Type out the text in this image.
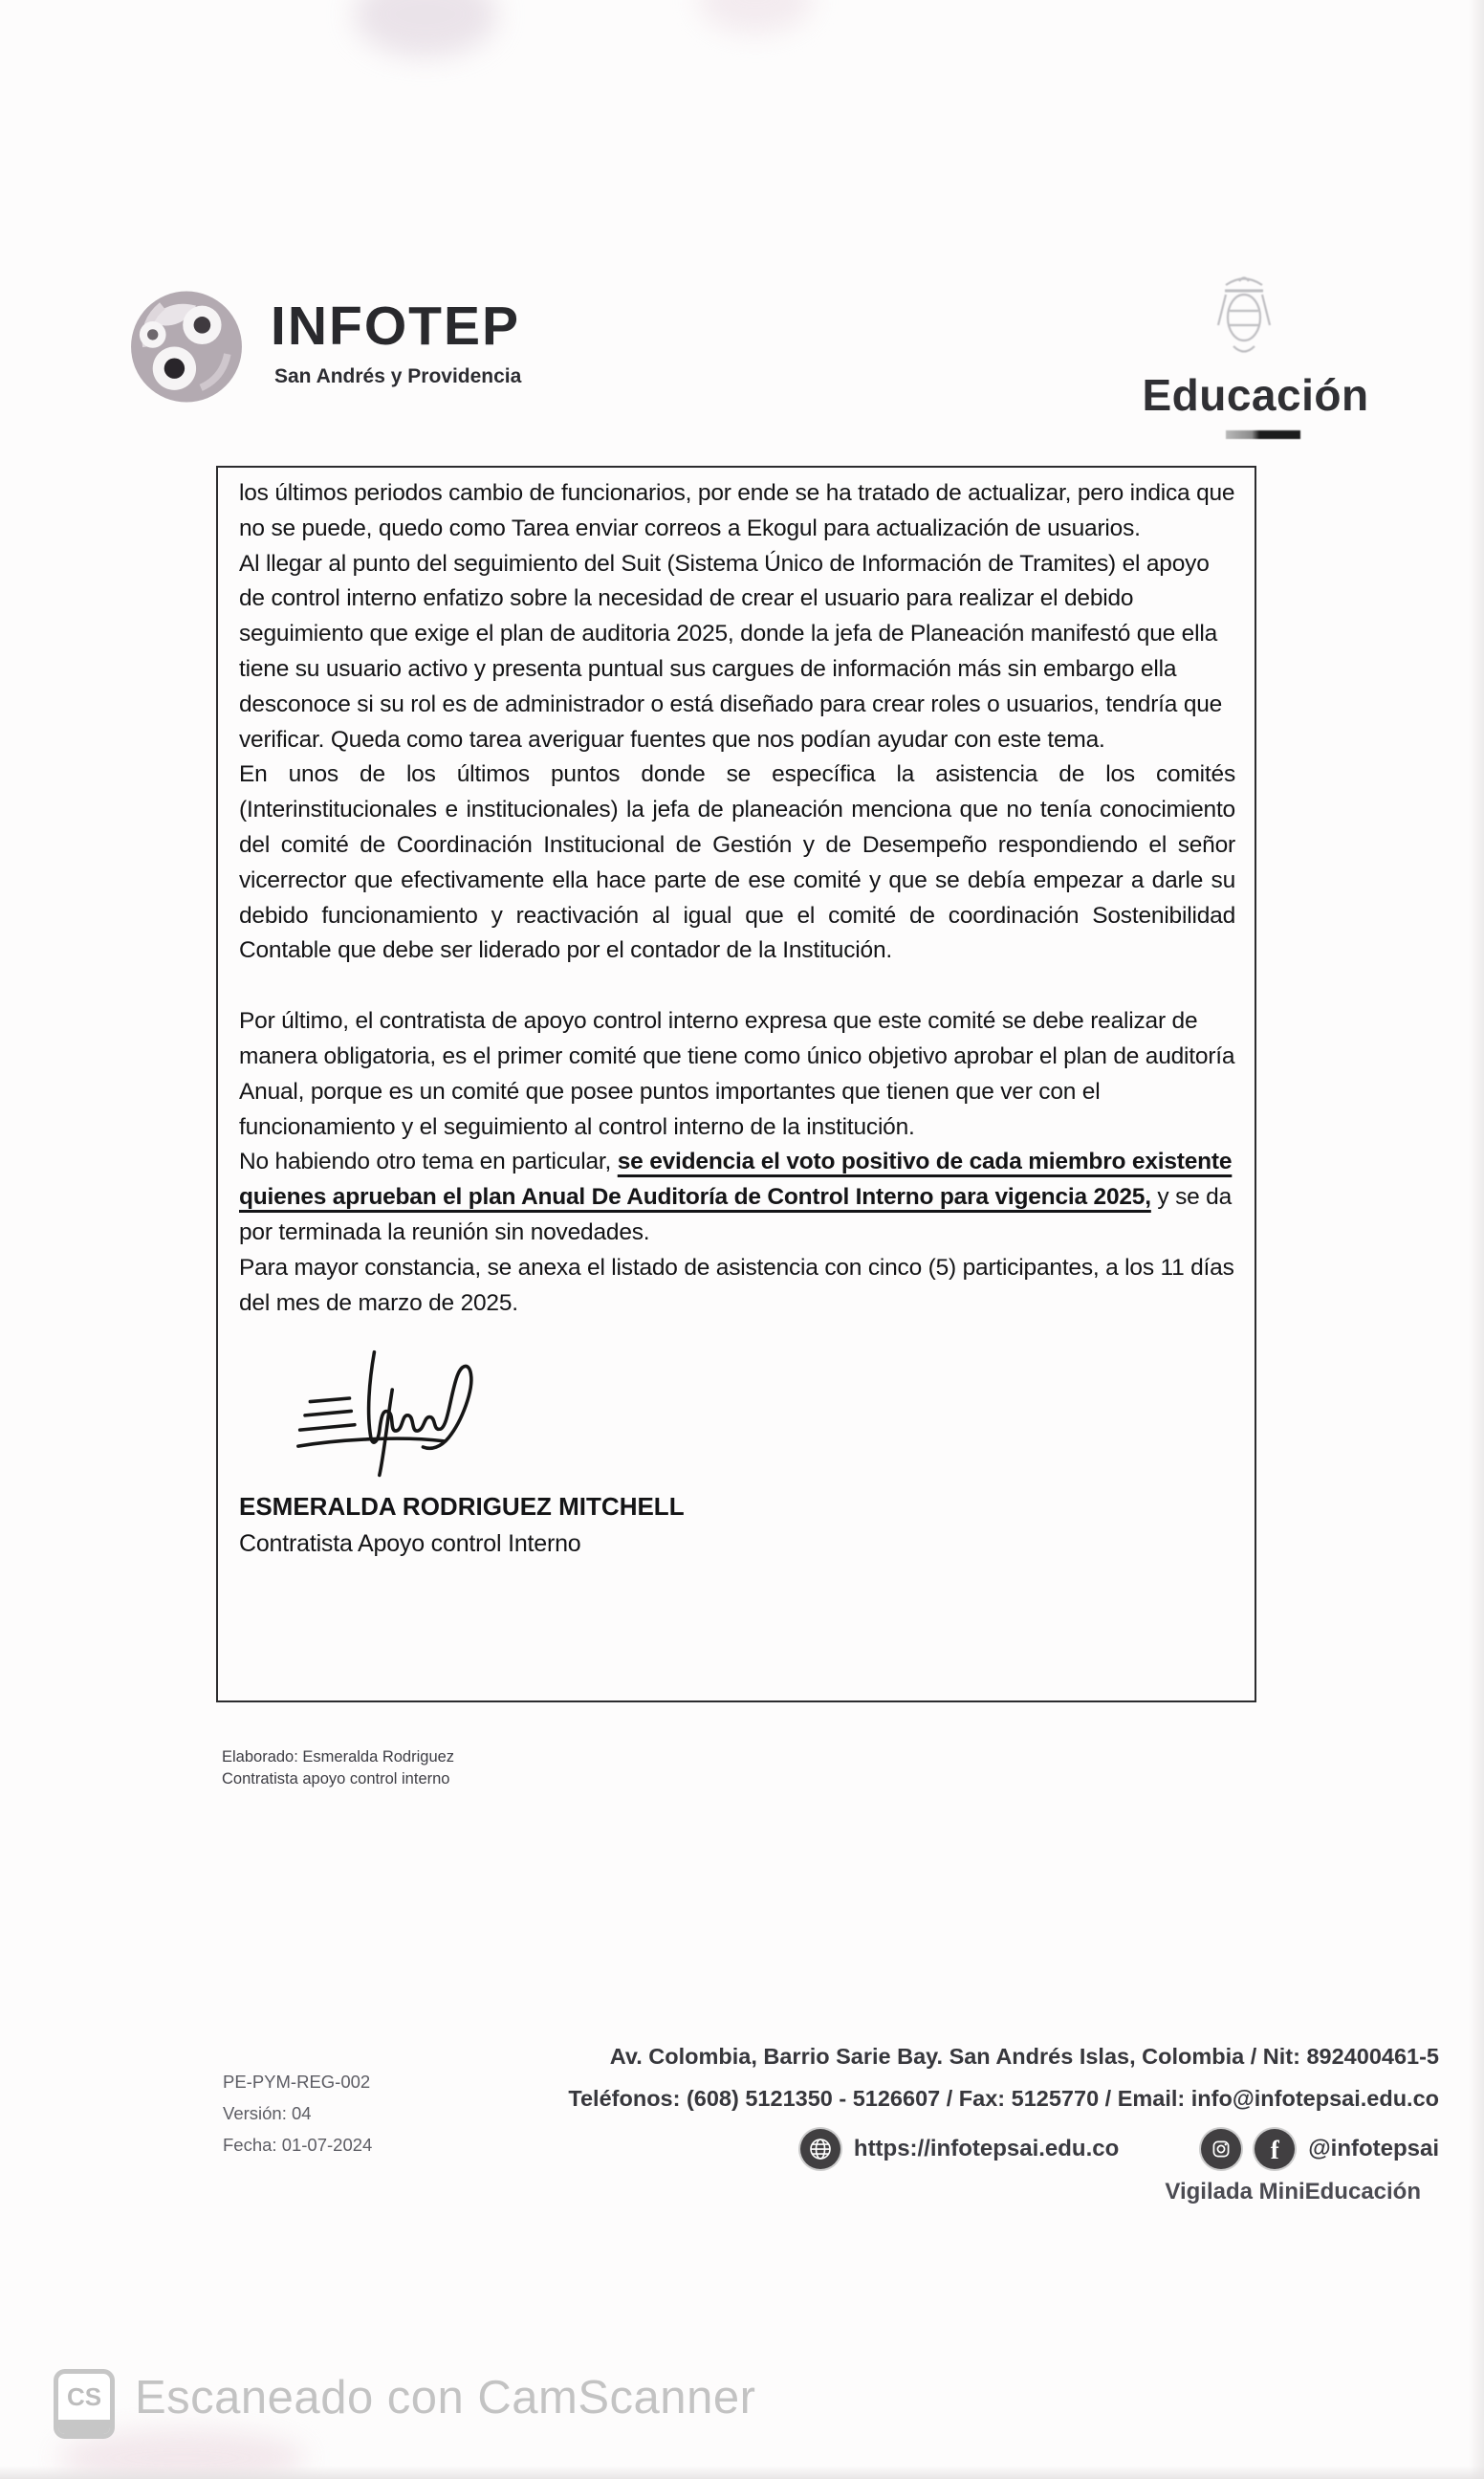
INFOTEP
San Andrés y Providencia	Educación

los últimos periodos cambio de funcionarios, por ende se ha tratado de actualizar, pero indica que no se puede, quedo como Tarea enviar correos a Ekogul para actualización de usuarios.

Al llegar al punto del seguimiento del Suit (Sistema Único de Información de Tramites) el apoyo de control interno enfatizo sobre la necesidad de crear el usuario para realizar el debido seguimiento que exige el plan de auditoria 2025, donde la jefa de Planeación manifestó que ella tiene su usuario activo y presenta puntual sus cargues de información más sin embargo ella desconoce si su rol es de administrador o está diseñado para crear roles o usuarios, tendría que verificar. Queda como tarea averiguar fuentes que nos podían ayudar con este tema.

En unos de los últimos puntos donde se específica la asistencia de los comités (Interinstitucionales e institucionales) la jefa de planeación menciona que no tenía conocimiento del comité de Coordinación Institucional de Gestión y de Desempeño respondiendo el señor vicerrector que efectivamente ella hace parte de ese comité y que se debía empezar a darle su debido funcionamiento y reactivación al igual que el comité de coordinación Sostenibilidad Contable que debe ser liderado por el contador de la Institución.

Por último, el contratista de apoyo control interno expresa que este comité se debe realizar de manera obligatoria, es el primer comité que tiene como único objetivo aprobar el plan de auditoría Anual, porque es un comité que posee puntos importantes que tienen que ver con el funcionamiento y el seguimiento al control interno de la institución.

No habiendo otro tema en particular, se evidencia el voto positivo de cada miembro existente quienes aprueban el plan Anual De Auditoría de Control Interno para vigencia 2025, y se da por terminada la reunión sin novedades.

Para mayor constancia, se anexa el listado de asistencia con cinco (5) participantes, a los 11 días del mes de marzo de 2025.

ESMERALDA RODRIGUEZ MITCHELL
Contratista Apoyo control Interno
Elaborado: Esmeralda Rodriguez
Contratista apoyo control interno
PE-PYM-REG-002
Versión: 04
Fecha: 01-07-2024
Av. Colombia, Barrio Sarie Bay. San Andrés Islas, Colombia / Nit: 892400461-5
Teléfonos: (608) 5121350 - 5126607 / Fax: 5125770 / Email: info@infotepsai.edu.co
https://infotepsai.edu.co	f @infotepsai
Vigilada MiniEducación
CS Escaneado con CamScanner
